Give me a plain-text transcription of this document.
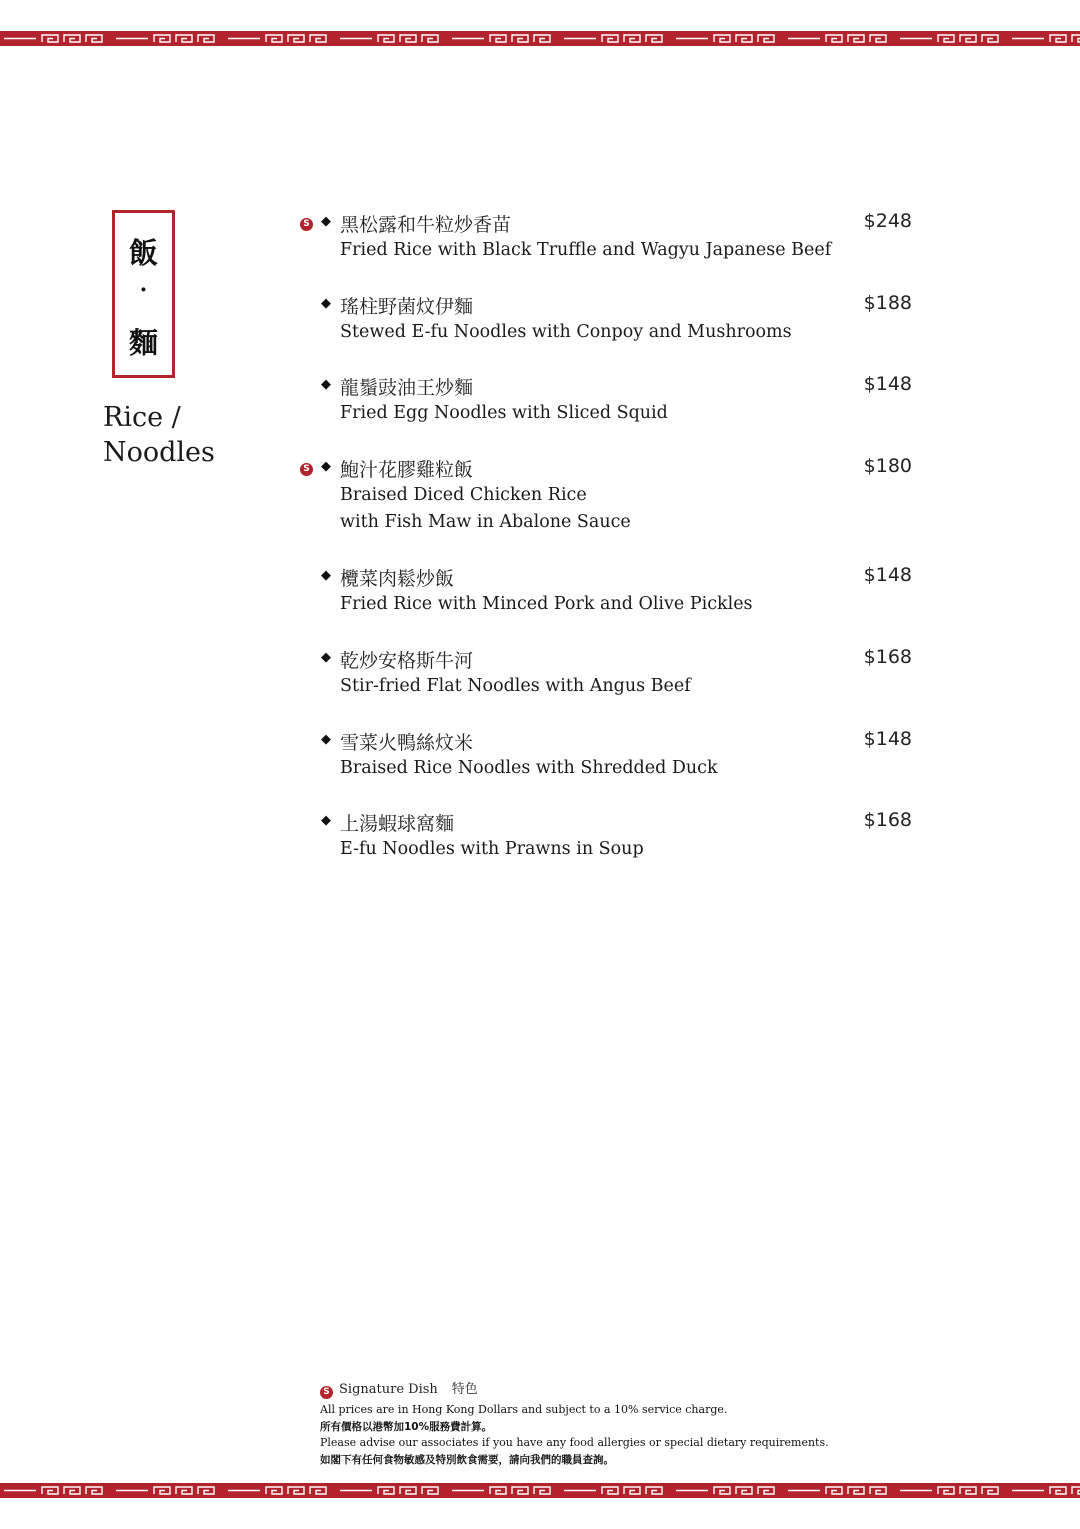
飯
·
麵
Rice /
Noodles
S ◆ 黑松露和牛粒炒香苗	$248
Fried Rice with Black Truffle and Wagyu Japanese Beef
◆ 瑤柱野菌炆伊麵	$188
Stewed E-fu Noodles with Conpoy and Mushrooms
◆ 龍鬚豉油王炒麵	$148
Fried Egg Noodles with Sliced Squid
S ◆ 鮑汁花膠雞粒飯	$180
Braised Diced Chicken Rice
with Fish Maw in Abalone Sauce
◆ 欖菜肉鬆炒飯	$148
Fried Rice with Minced Pork and Olive Pickles
◆ 乾炒安格斯牛河	$168
Stir-fried Flat Noodles with Angus Beef
◆ 雪菜火鴨絲炆米	$148
Braised Rice Noodles with Shredded Duck
◆ 上湯蝦球窩麵	$168
E-fu Noodles with Prawns in Soup
S Signature Dish 特色
All prices are in Hong Kong Dollars and subject to a 10% service charge.
所有價格以港幣加10%服務費計算。
Please advise our associates if you have any food allergies or special dietary requirements.
如閣下有任何食物敏感及特別飲食需要，請向我們的職員查詢。
